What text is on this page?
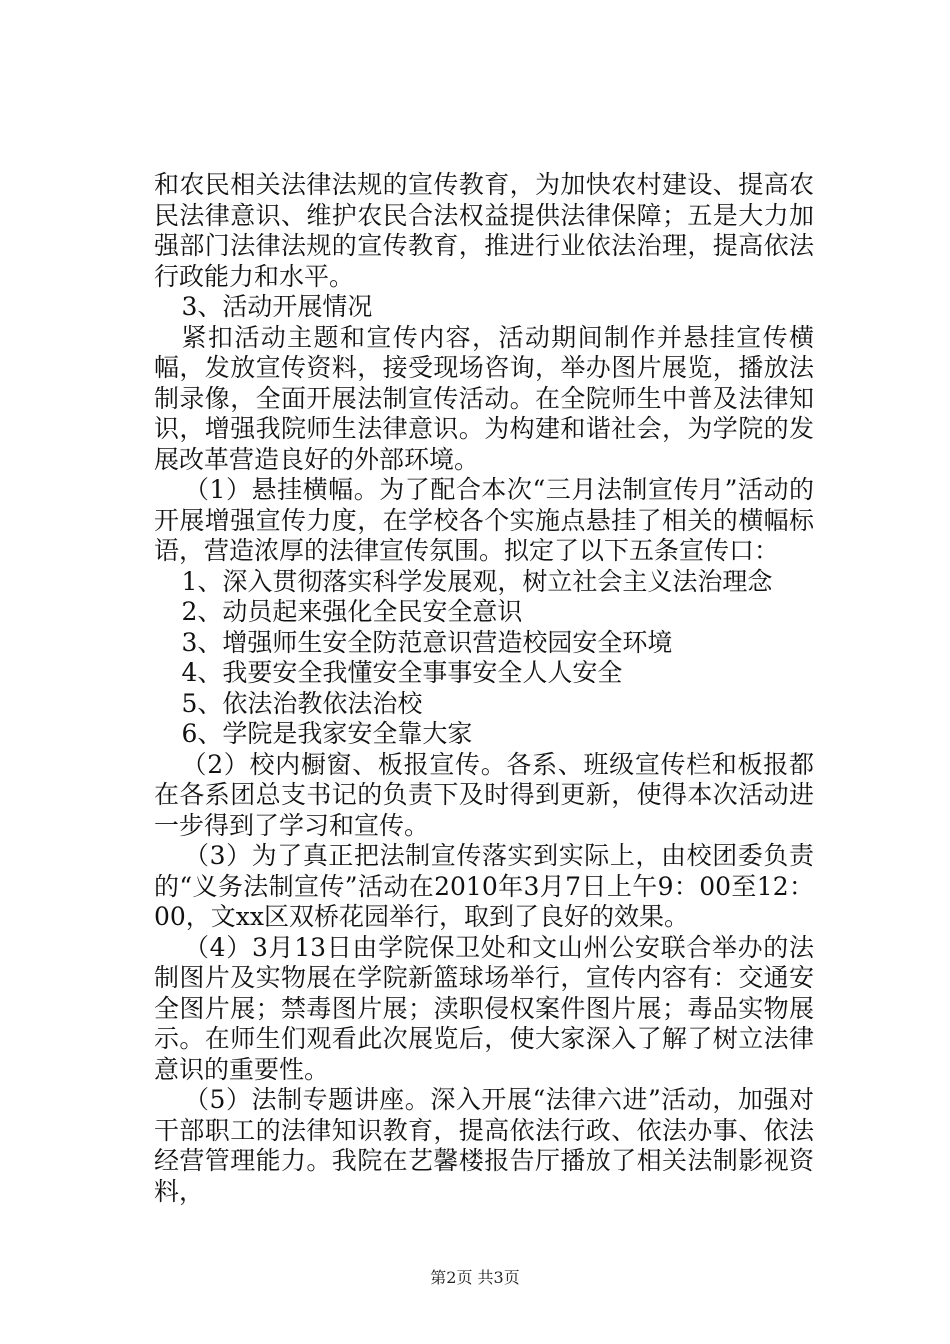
和农民相关法律法规的宣传教育，为加快农村建设、提高农民法律意识、维护农民合法权益提供法律保障；五是大力加强部门法律法规的宣传教育，推进行业依法治理，提高依法行政能力和水平。

3、活动开展情况

紧扣活动主题和宣传内容，活动期间制作并悬挂宣传横幅，发放宣传资料，接受现场咨询，举办图片展览，播放法制录像，全面开展法制宣传活动。在全院师生中普及法律知识，增强我院师生法律意识。为构建和谐社会，为学院的发展改革营造良好的外部环境。

（1）悬挂横幅。为了配合本次“三月法制宣传月”活动的开展增强宣传力度，在学校各个实施点悬挂了相关的横幅标语，营造浓厚的法律宣传氛围。拟定了以下五条宣传口：

1、深入贯彻落实科学发展观，树立社会主义法治理念

2、动员起来强化全民安全意识

3、增强师生安全防范意识营造校园安全环境

4、我要安全我懂安全事事安全人人安全

5、依法治教依法治校

6、学院是我家安全靠大家

（2）校内橱窗、板报宣传。各系、班级宣传栏和板报都在各系团总支书记的负责下及时得到更新，使得本次活动进一步得到了学习和宣传。

（3）为了真正把法制宣传落实到实际上，由校团委负责的“义务法制宣传”活动在2010年3月7日上午9：00至12：00，文xx区双桥花园举行，取到了良好的效果。

（4）3月13日由学院保卫处和文山州公安联合举办的法制图片及实物展在学院新篮球场举行，宣传内容有：交通安全图片展；禁毒图片展；渎职侵权案件图片展；毒品实物展示。在师生们观看此次展览后，使大家深入了解了树立法律意识的重要性。

（5）法制专题讲座。深入开展“法律六进”活动，加强对干部职工的法律知识教育，提高依法行政、依法办事、依法经营管理能力。我院在艺馨楼报告厅播放了相关法制影视资料，

第2页 共3页
